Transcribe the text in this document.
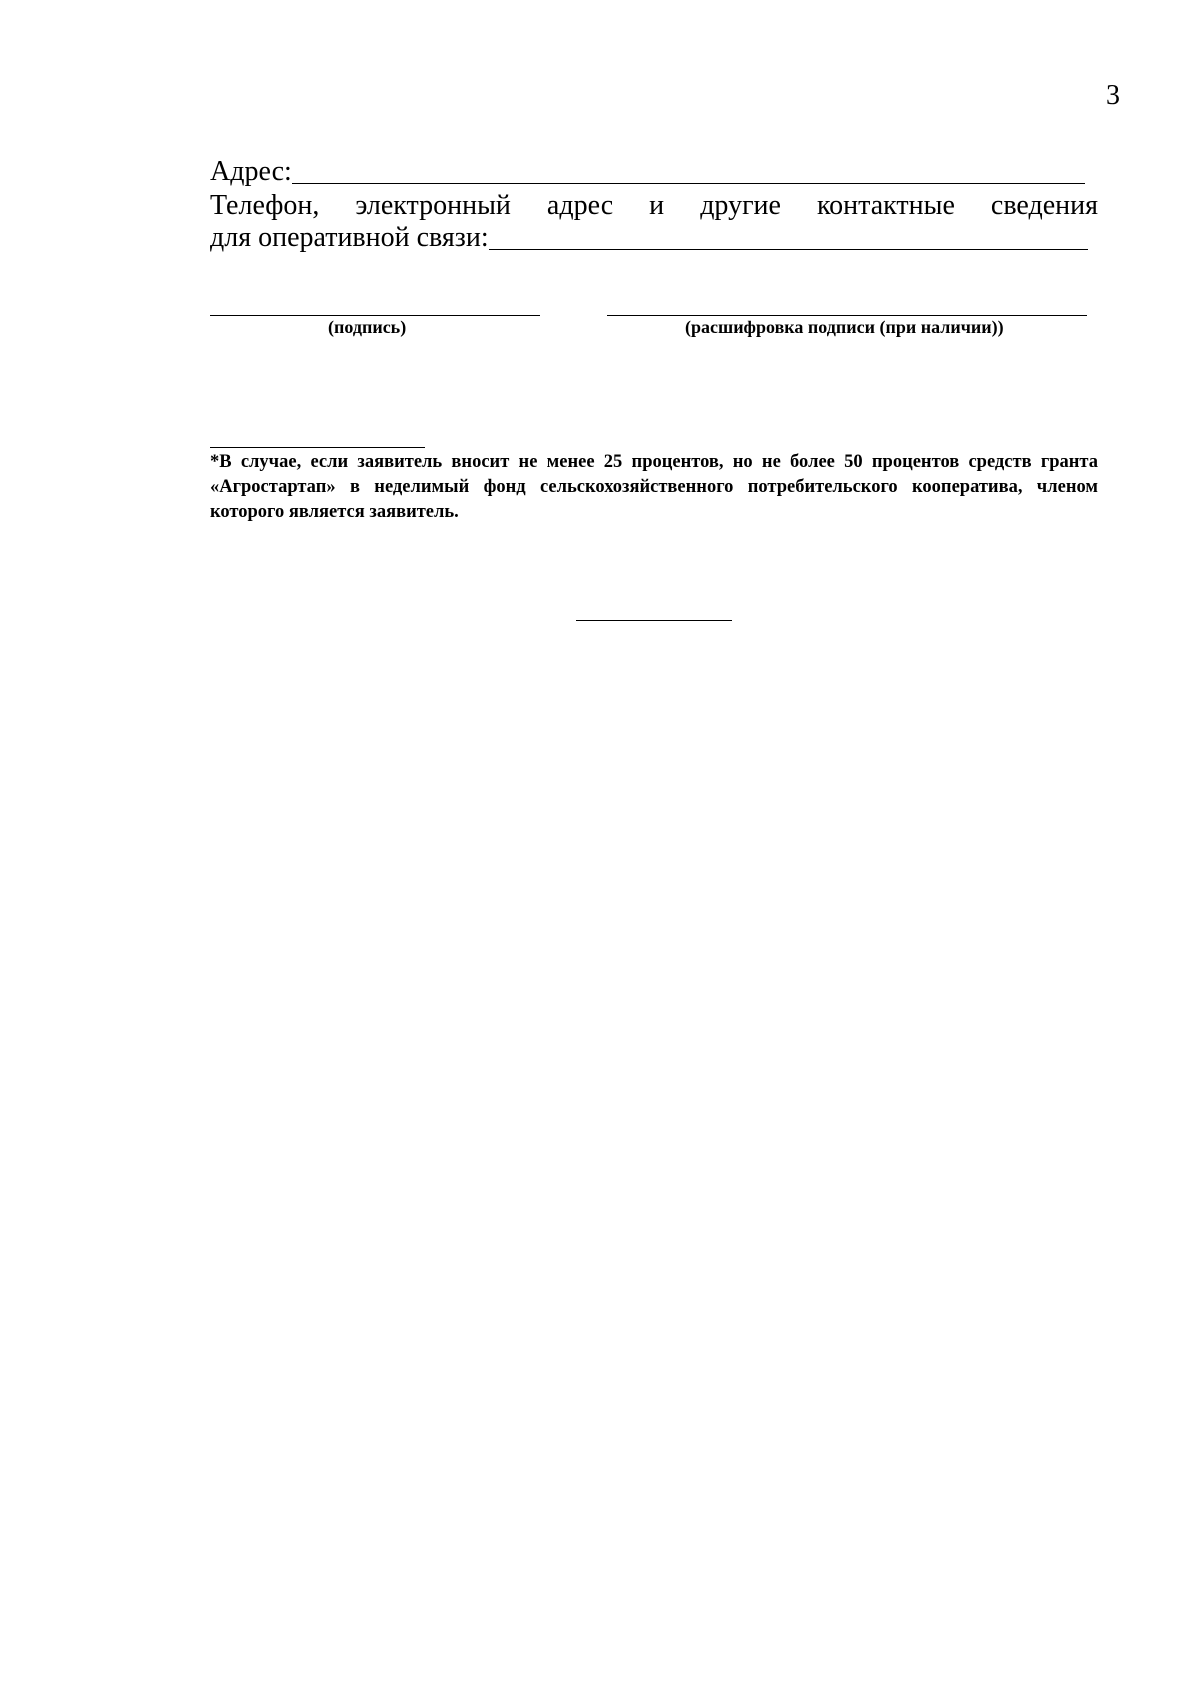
3
Адрес:
Телефон, электронный адрес и другие контактные сведения
для оперативной связи:
(подпись)	(расшифровка подписи (при наличии))
*В случае, если заявитель вносит не менее 25 процентов, но не более 50 процентов средств гранта «Агростартап» в неделимый фонд сельскохозяйственного потребительского кооператива, членом которого является заявитель.
